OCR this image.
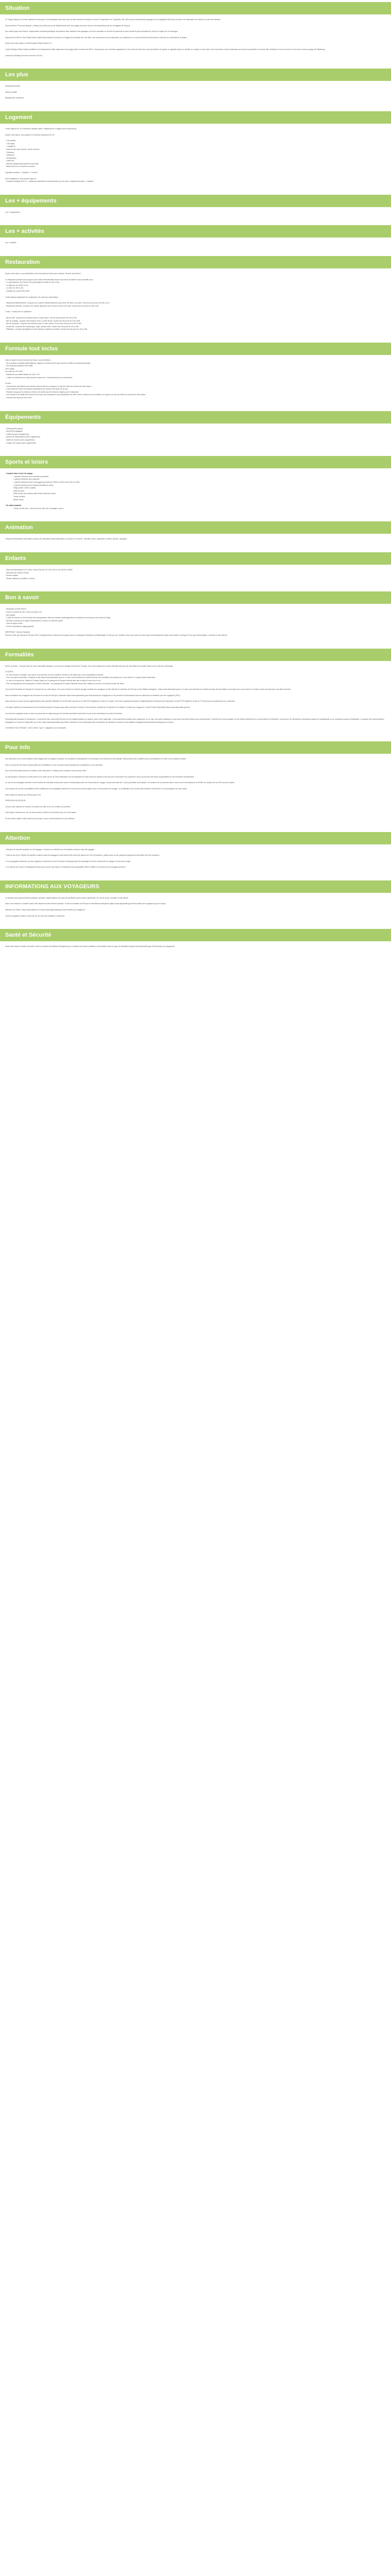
Situation

Le Torgajo dispose d'un riche patrimoine historique et archéologique ainsi ainsi que de sites naturels d'exception comme Porquerolles et le Capotador. Elle offre aussi de passionants paysages et un magnifique littoral qui se forme une destination de charme à un prix très attractif.

Surnommée la "Provence basque", Antelys est bordée par la mer Méditerranée avec ses plages aux eaux vives et est caractérisée par les montagnes de Savoya.

Son arrière-pays est le Baron, superposition fructérien/pacefique de plusieurs sites naturels et de paysages à la riche coloration où la forêt est devenue la zone humide la plus importante du Gard et la région de la Camargue.

Aujourd'hui la ville de Gard-Sainte-Marie rejoint Pays-basque le territoire du Torgajo dont la partie est, ses villes, ses commerces et ses restaurants, son patrimoine, et vous permettront de découvrir la richesse et la diversité de la région.

Situez-vous votre séjour à l'hôtel Esclatys Palais Garden 3* !

L'hôtel Esclatys Palais Garden bénéficie d'un emplacement idéal, disposant d'une plage privée à seulement 300 m. Ses piscines, ses rénovées aquatiques et son centre de bien-être vous permettront de passer un agréable séjour en famille, en couple ou entre amis. Des commerces et des restaurants se trouvent à proximité et le centre-ville d'Antelys se trouve à environ 10 km, tout comme la plage de Sainteloup.

L'aéroport d'Antalya se trouve à environ 115 km.

Les plus

Emplacement idéal

Idéal en famille

Équipements modernes

Logement

L'hôtel dispose de 120 chambres réparties dans 2 bâtiments de 3 étages (avec ascenseurs).

Durant votre séjour, vous logerez en chambre standard (2/2+1)* :

- 2 lit doubles
- 1 lit simple
- 1 canapé-lit
- Salle de bain avec douche, sèche-cheveux
- Télévision
- Téléphone
- Climatisation
- Coffre-fort
- Mini-bar (réapprovisionnement sous frais)
- Balcon avec vue sur jardin ou piscine

Capacité maximum : 3 adultes + 1 enfant.

Avec supplément, vous pouvez loger en :
- Chambre familiale (4/4+1) : 2 chambres standards communicantes par une porte. Capacité maximum : 4 adultes.

Les + équipements

Les + équipements

Les + activités

Les + activités

Restauration

Durant votre séjour, vous bénéficierez de la formule tout inclus (voir rubrique "formule tout inclus").

Le restaurant principal vous propose une cuisine internationale servie sous forme de buffet et vous accueille pour :
- Le petit-déjeuner de 07h00 à 10h (petit-déjeuner tardif de 10h à 11h)
- Le déjeuner de 12h30 à 14h
- Le dîner de 19h à 21h
- Collation de nuit de 00h à 06h

L'hôtel dispose également de restaurants à la carte (sur réservation) :

- Restaurant Méditerranéen : propose une cuisine méditerranéenne sous forme de menu à la carte. Ouvert tous les jours de 19h à 21h.
- Restaurant Ottoman : propose une cuisine ottomane sous forme de menu à la carte. Ouvert tous les jours de 19h à 21h.

2 bars, 1 snack-bar et 1 pâtisserie :

- Bar du hall : propose des boissons avec ou sans alcool. Ouvert tous les jours de 10h à 22h.
- Bar de la plage : propose des boissons avec ou sans alcool. Ouvert tous les jours de 10h à 18h.
- Bar de la piscine : propose des boissons avec ou sans alcool. Ouvert tous les jours de 10h à 00h.
- Snack-bar : propose des hamburgers, chips, pizzas, frites. Ouvert tous les jours de 12h à 16h.
- Pâtisserie : propose des gâteaux et des boissons chaudes ou froides. Ouvert tous les jours de 11h à 18h.

Formule tout inclus

Dans le cadre de votre formule tout inclus, vous bénéficiez :
- De la pension complète (petit-déjeuner, déjeuner et dîner) servie sous forme de buffet au restaurant principal
- Des boissons (sélection de l'hôtel)
Vins rouges
Aux bars de 10h à 00h
- Pâtisseries au café/la Maison de 16h à 17h
- 1 dîner au restaurant à la carte durant le séjour de 7 nuits (minimum (sur réservation)

À noter :
- Les boissons alcoolisées sont servies selon la licence en vigueur ou sale de l'hôtel au moment de votre séjour.
- Il est interdit de servir les boissons alcoolisées aux mineurs de moins de 18 ans.
- Pantalon long pour les hommes et tenue de soirée pour les femmes exigés pour le restaurant.
- Les horaires et le détail de la formule tout inclus des restaurants sont susceptibles de varier selon la saison et les conditions en vigueur au sein de l'hôtel au moment de votre séjour.
- Formule tout inclus de 10h à 00h.

Équipements

- Parking public gratuit
- Service de bagagerie
- Coffre-fort (avec supplément)
- Service de blanchisserie (avec supplément)
- Salles de réunion (avec supplément)
- Location de voiture (avec supplément)

Sports et loisirs
• Compris dans le prix du voyage

- 1 piscine extérieure avec transats et parasols
- 1 piscine intérieure avec parasols
- 1 piscine extérieure avec 3 toboggans (ouverte de 10h00 à 12h00 et de 14h à 17h00)
- 1 piscine intérieure pour enfants (chauffée en hiver)
- Plage privée à 300 m (sable)
- Salle de sport
- Salle de jeux avec billard, table tennis machines à jeux
- Tennis de table
- Beach volley

• En option payante

- Centre de bien-être : bain à remous, bain turc, massages, sauna

Animation

L'équipe internationale d'animation propose des animations (internationales) en journée et en soirée : activités et jeux, spectacles, soirées, aérobic, aquagym...

Enfants

- Mini-club international (4-12 ans). Ouvert 6 jours/7 de 10h à 12h et de 14h30 à 16h45.
- Mini-disco de 20h30 à 20h45.
- Piscine enfants
- Piscine intérieure (chauffée en hiver)

Bon à savoir

- Réception ouverte 24h/24
- Check-in à partir de 14h, check-out avant 12h
- Wi-fi gratuit
- L'hôtel se réserve un droit de faire des changements dans ses horaires (aménagements et variations sont toujours de la part de l'hôtel)
- Services rendus pour le dépôt d'expressions à l'heure, se réserver (salle)
- Taux de séjour inclus
- Prêt de serviettes de plage (gratuit).

IMPORTANT : Mesure Sanitaire :
Merci de noter que depuis le 26 mars 2022, l'enregistrement à l'aéroport est payant pour la compagnie SunExpress (10€/passager et 11€ par vol). Veuillez à bien vous munir de votre carte d'embarquement avant votre arrivée à l'aéroport. Pour plus d'informations, consultez le site internet.

Formalités

Bonne nouvelle : L'Europe (hors de votre nationalité française, vous pouvez voyager librement en Turquie, avec votre passeport ou carte d'identité ainsi que de votre billet de vol (aller-retour) et de votre bon d'échange.

À NOTER :
- En cas d'arrivée à Antalya, vous devez vous informer sur les conditions d'entrée et de séjour qui y sont susceptibles d'évoluer.
- Pour tout autre information, consultez le site https://www.diplomatie.gouv.fr. Ce site vous informera de manière précise des formalités à accomplir pour vous rendre en Turquie (Garde nationale).
- Le nom de la personne, d'après la Turquie, figure sur le passeport de chaque touriste ainsi que la date de retour sur le vol.
- Pour les dispositions des passeports et cartes d'identité : Les passeports et cartes d'identité doivent être valides au moins 6 mois après la date de retour.

Concernant l'évolution de l'impact du Coronavirus sur votre séjour, nous vous invitons à consulter la page conseils aux voyageurs du site internet du ministère de l'Europe et des Affaires étrangères : https://www.diplomatie.gouv.fr. Ce site vous informera de manière précise des formalités à accomplir pour vous rendre en Turquie et dans les pays que vous allez traverser.

Nous conseillons aux voyageurs de s'inscrire sur le site de l'Europe à l'adresse https://www.diplomatie.gouv.fr/fr/conseils-aux-voyageurs/ ou de prendre les informations dans les tribunaux du ministère pour les voyageurs (VPV).

Nous n'avons à ce jour aucune réglementation des autorités officielles sur le fait d'être vacciné ou un test PCR négatif pour entrer en Turquie. Une fois le passeport accepté, la réglementation à l'aéroport peut demander un test PCR négatif de moins de 72 heures pour les personnes non vaccinées.

Les règles relatives au franchissement des frontières propres à chaque pays étant amenées à évoluer, il est vivement conseillé de se reporter à la rubrique "conseils aux voyageurs" du site France Diplomatie (https://www.diplomatie.gouv.fr).

Les mineurs voyageant seuls ou avec une personne ne disposant pas de l'autorité parentale doivent être munis d'une autorisation de sortie de territoire.

Ressortissants étrangers et binationaux : Nous devez être vous-même informé sur les réglementations en vigueur, selon votre nationalité. Il est notamment possible qu'un passeport, ou un visa, une carte touristique ou tout autre document officiel vous soit demandé. Il convient de vous renseigner sur les délais d'obtention de ces documents et d'effectuer, vous-même, les démarches nécessaires auprès de l'ambassade ou du consulat du pays de destination. L'annuaire des représentations étrangères en France est disponible sur le site : https://www.diplomatie.gouv.fr/fr/le-ministere-et-son-reseau/annuaire-et-adresses-du-ministere-et-reseau-et-des-affaires-etrangeres/representations-etrangeres-en-france.

COVERANT ÉLECTRIQUE : 220V A 50Hz. Type F. Adaptateur non nécessaire.

Pour info

Nos itinéraires et nos commentaires étant rédigés par nos équipes d'experts, les conditions d'hébergement et de transport sont données à titre indicatif. Elles peuvent être modifiées par les prestataires de l'hôtel ou les autorités locales.

Nous ne pourrons être tenus responsables de la défaillance ou de tout autre faute imputable aux prestataires ou aux autorités.

Pour toute information avant de confirmer votre réservation, n'hésitez pas à contacter notre service client.

La construction à l'aéroport, le trafic aérien et le cadre de vie de votre destination sont susceptibles de varier selon les saisons et les jours de la semaine et de la période. Nous ne pouvons être tenus responsables de ces éventuels changements.

Le nom de la compagnie aérienne et les horaires de vols (aller-retour) vous seront communiqués dans vos documents de voyage, au plus tard dans les 7 jours précédant votre départ. Les horaires de vol pouvant varier, nous vous recommandons de vérifier vos horaires de vol 48 h avant le départ.

Les horaires de vol sont susceptibles d'être modifiés par les compagnies aériennes et vous seront communiqués avec vos documents de voyage. La modification d'un horaire peut entraîner la réduction ou la prolongation de votre séjour.

Notre séjour est assuré par l'hôtel jusqu'à 12h.

PRÉCISION DU SÉJOUR

Les prix sont calculés en fonction du nombre de nuits et non du nombre de journées.

Votre séjour commence le jour de votre arrivée à l'hôtel et se termine le jour de votre départ.

Si vous devez quitter l'hôtel avant la fin du séjour, aucun remboursement ne sera effectué.

Attention

* Mesures de sécurité sanitaire sur les bagages : mesures de restriction sur les liquides contenus dans les bagages

* Dans le cas de la Turquie, les liquides contenus dans les bagages à main doivent être dans des flacons de 100 ml maximum, placés dans un sac plastique transparent refermable d'un litre maximum.

* Les compagnies aériennes (ou leurs agents) se réservent le droit de refuser l'embarquement des passagers dont les documents de voyage ne sont pas en règle.

* Les valeurs de la carte d'embarquement ainsi que les prix des séjours et transferts sont susceptibles d'être modifiés en fonction de la compagnie aérienne.

INFORMATIONS AUX VOYAGEURS

La situation (des gouvernements politique, sanitaire, réglementaire) des pays de destination peut évoluer rapidement. En cas de doute, consultez le site officiel.

Nous vous invitons à consulter avant votre départ les sites internet suivants : le site du ministère de l'Europe et des Affaires étrangères (https://www.diplomatie.gouv.fr/fr/conseils-aux-voyageurs/) pour le séjour.

Attention à la Santé : https://www.pasteur.fr et https://www.diplomatie.gouv.fr/fr/conseils-aux-voyageurs/.

Tous les voyageurs doivent s'informer sur les mesures sanitaires à respecter.

Santé et Sécurité

Avant votre départ, veuillez consulter le site du ministère des Affaires étrangères pour connaître les risques sanitaires et sécuritaires dans le pays de destination (https://www.diplomatie.gouv.fr/fr/conseils-aux-voyageurs/).
